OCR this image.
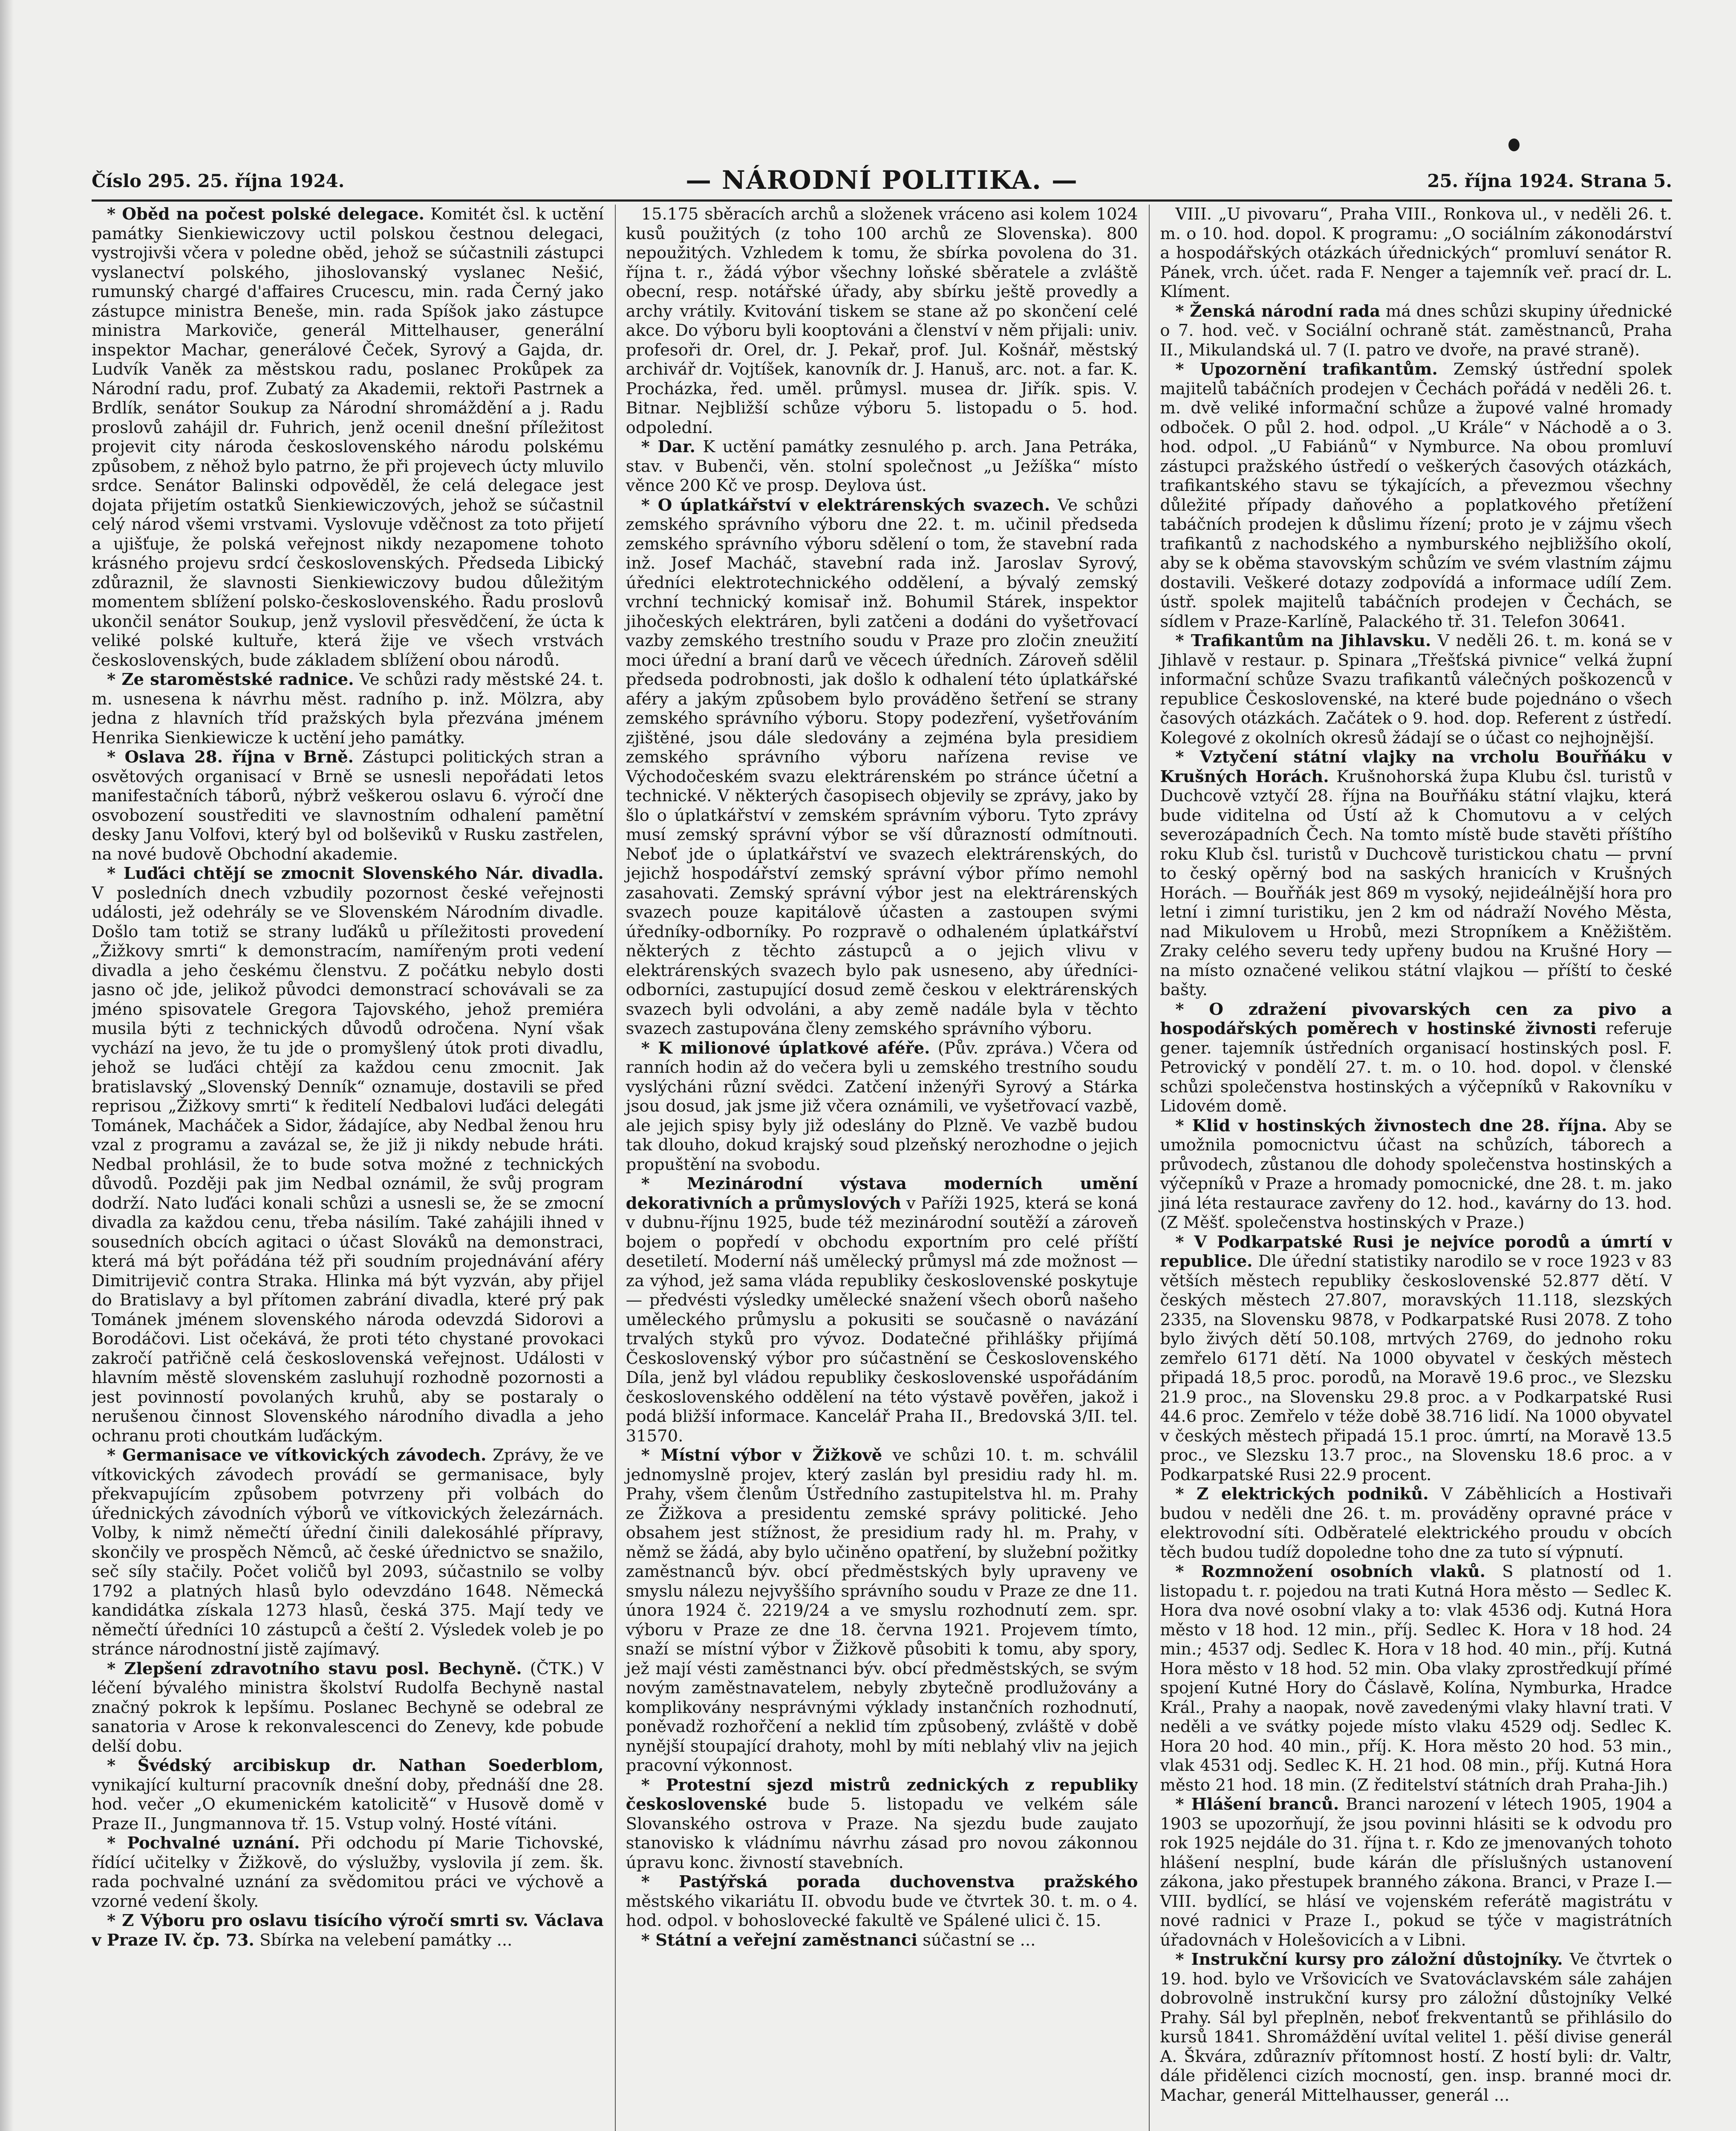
Číslo 295. 25. října 1924.	— NÁRODNÍ POLITIKA. —	25. října 1924. Strana 5.

* Oběd na počest polské delegace. Komitét čsl. k uctění památky Sienkiewiczovy uctil polskou čestnou delegaci, vystrojivši včera v poledne oběd, jehož se súčastnili zástupci vyslanectví polského, jihoslovanský vyslanec Nešić, rumunský chargé d'affaires Crucescu, min. rada Černý jako zástupce ministra Beneše, min. rada Spíšok jako zástupce ministra Markoviče, generál Mittelhauser, generální inspektor Machar, generálové Čeček, Syrový a Gajda, dr. Ludvík Vaněk za městskou radu, poslanec Prokůpek za Národní radu, prof. Zubatý za Akademii, rektoři Pastrnek a Brdlík, senátor Soukup za Národní shromáždění a j. Radu proslovů zahájil dr. Fuhrich, jenž ocenil dnešní příležitost projevit city národa československého národu polskému způsobem, z něhož bylo patrno, že při projevech úcty mluvilo srdce. Senátor Balinski odpověděl, že celá delegace jest dojata přijetím ostatků Sienkiewiczových, jehož se súčastnil celý národ všemi vrstvami. Vyslovuje vděčnost za toto přijetí a ujišťuje, že polská veřejnost nikdy nezapomene tohoto krásného projevu srdcí československých. Předseda Libický zdůraznil, že slavnosti Sienkiewiczovy budou důležitým momentem sblížení polsko-československého. Řadu proslovů ukončil senátor Soukup, jenž vyslovil přesvědčení, že úcta k veliké polské kultuře, která žije ve všech vrstvách československých, bude základem sblížení obou národů.

* Ze staroměstské radnice. Ve schůzi rady městské 24. t. m. usnesena k návrhu měst. radního p. inž. Mölzra, aby jedna z hlavních tříd pražských byla přezvána jménem Henrika Sienkiewicze k uctění jeho památky.

* Oslava 28. října v Brně. Zástupci politických stran a osvětových organisací v Brně se usnesli nepořádati letos manifestačních táborů, nýbrž veškerou oslavu 6. výročí dne osvobození soustřediti ve slavnostním odhalení pamětní desky Janu Volfovi, který byl od bolševiků v Rusku zastřelen, na nové budově Obchodní akademie.

* Luďáci chtějí se zmocnit Slovenského Nár. divadla. V posledních dnech vzbudily pozornost české veřejnosti události, jež odehrály se ve Slovenském Národním divadle. Došlo tam totiž se strany luďáků u příležitosti provedení „Žižkovy smrti“ k demonstracím, namířeným proti vedení divadla a jeho českému členstvu. Z počátku nebylo dosti jasno oč jde, jelikož původci demonstrací schovávali se za jméno spisovatele Gregora Tajovského, jehož premiéra musila býti z technických důvodů odročena. Nyní však vychází na jevo, že tu jde o promyšlený útok proti divadlu, jehož se luďáci chtějí za každou cenu zmocnit. Jak bratislavský „Slovenský Denník“ oznamuje, dostavili se před reprisou „Žižkovy smrti“ k ředitelí Nedbalovi luďáci delegáti Tománek, Macháček a Sidor, žádajíce, aby Nedbal ženou hru vzal z programu a zavázal se, že již ji nikdy nebude hráti. Nedbal prohlásil, že to bude sotva možné z technických důvodů. Později pak jim Nedbal oznámil, že svůj program dodrží. Nato luďáci konali schůzi a usnesli se, že se zmocní divadla za každou cenu, třeba násilím. Také zahájili ihned v sousedních obcích agitaci o účast Slováků na demonstraci, která má být pořádána též při soudním projednávání aféry Dimitrijevič contra Straka. Hlinka má být vyzván, aby přijel do Bratislavy a byl přítomen zabrání divadla, které prý pak Tománek jménem slovenského národa odevzdá Sidorovi a Borodáčovi. List očekává, že proti této chystané provokaci zakročí patřičně celá československá veřejnost. Události v hlavním městě slovenském zasluhují rozhodně pozornosti a jest povinností povolaných kruhů, aby se postaraly o nerušenou činnost Slovenského národního divadla a jeho ochranu proti choutkám luďáckým.

* Germanisace ve vítkovických závodech. Zprávy, že ve vítkovických závodech provádí se germanisace, byly překvapujícím způsobem potvrzeny při volbách do úřednických závodních výborů ve vítkovických železárnách. Volby, k nimž němečtí úřední činili dalekosáhlé přípravy, skončily ve prospěch Němců, ač české úřednictvo se snažilo, seč síly stačily. Počet voličů byl 2093, súčastnilo se volby 1792 a platných hlasů bylo odevzdáno 1648. Německá kandidátka získala 1273 hlasů, česká 375. Mají tedy ve němečtí úředníci 10 zástupců a čeští 2. Výsledek voleb je po stránce národnostní jistě zajímavý.

* Zlepšení zdravotního stavu posl. Bechyně. (ČTK.) V léčení bývalého ministra školství Rudolfa Bechyně nastal značný pokrok k lepšímu. Poslanec Bechyně se odebral ze sanatoria v Arose k rekonvalescenci do Zenevy, kde pobude delší dobu.

* Švédský arcibiskup dr. Nathan Soederblom, vynikající kulturní pracovník dnešní doby, přednáší dne 28. hod. večer „O ekumenickém katolicitě“ v Husově domě v Praze II., Jungmannova tř. 15. Vstup volný. Hosté vítáni.

* Pochvalné uznání. Při odchodu pí Marie Tichovské, řídící učitelky v Žižkově, do výslužby, vyslovila jí zem. šk. rada pochvalné uznání za svědomitou práci ve výchově a vzorné vedení školy.

* Z Výboru pro oslavu tisícího výročí smrti sv. Václava v Praze IV. čp. 73. Sbírka na velebení památky ...

15.175 sběracích archů a složenek vráceno asi kolem 1024 kusů použitých (z toho 100 archů ze Slovenska). 800 nepoužitých. Vzhledem k tomu, že sbírka povolena do 31. října t. r., žádá výbor všechny loňské sběratele a zvláště obecní, resp. notářské úřady, aby sbírku ještě provedly a archy vrátily. Kvitování tiskem se stane až po skončení celé akce. Do výboru byli kooptováni a členství v něm přijali: univ. profesoři dr. Orel, dr. J. Pekař, prof. Jul. Košnář, městský archivář dr. Vojtíšek, kanovník dr. J. Hanuš, arc. not. a far. K. Procházka, řed. uměl. průmysl. musea dr. Jiřík. spis. V. Bitnar. Nejbližší schůze výboru 5. listopadu o 5. hod. odpolední.

* Dar. K uctění památky zesnulého p. arch. Jana Petráka, stav. v Bubenči, věn. stolní společnost „u Ježíška“ místo věnce 200 Kč ve prosp. Deylova úst.

* O úplatkářství v elektrárenských svazech. Ve schůzi zemského správního výboru dne 22. t. m. učinil předseda zemského správního výboru sdělení o tom, že stavební rada inž. Josef Macháč, stavební rada inž. Jaroslav Syrový, úředníci elektrotechnického oddělení, a bývalý zemský vrchní technický komisař inž. Bohumil Stárek, inspektor jihočeských elektráren, byli zatčeni a dodáni do vyšetřovací vazby zemského trestního soudu v Praze pro zločin zneužití moci úřední a braní darů ve věcech úředních. Zároveň sdělil předseda podrobnosti, jak došlo k odhalení této úplatkářské aféry a jakým způsobem bylo prováděno šetření se strany zemského správního výboru. Stopy podezření, vyšetřováním zjištěné, jsou dále sledovány a zejména byla presidiem zemského správního výboru nařízena revise ve Východočeském svazu elektrárenském po stránce účetní a technické. V některých časopisech objevily se zprávy, jako by šlo o úplatkářství v zemském správním výboru. Tyto zprávy musí zemský správní výbor se vší důrazností odmítnouti. Neboť jde o úplatkářství ve svazech elektrárenských, do jejichž hospodářství zemský správní výbor přímo nemohl zasahovati. Zemský správní výbor jest na elektrárenských svazech pouze kapitálově účasten a zastoupen svými úředníky-odborníky. Po rozpravě o odhaleném úplatkářství některých z těchto zástupců a o jejich vlivu v elektrárenských svazech bylo pak usneseno, aby úředníci-odborníci, zastupující dosud země českou v elektrárenských svazech byli odvoláni, a aby země nadále byla v těchto svazech zastupována členy zemského správního výboru.

* K milionové úplatkové aféře. (Pův. zpráva.) Včera od ranních hodin až do večera byli u zemského trestního soudu vyslýcháni různí svědci. Zatčení inženýři Syrový a Stárka jsou dosud, jak jsme již včera oznámili, ve vyšetřovací vazbě, ale jejich spisy byly již odeslány do Plzně. Ve vazbě budou tak dlouho, dokud krajský soud plzeňský nerozhodne o jejich propuštění na svobodu.

* Mezinárodní výstava moderních umění dekorativních a průmyslových v Paříži 1925, která se koná v dubnu-říjnu 1925, bude též mezinárodní soutěží a zároveň bojem o popředí v obchodu exportním pro celé příští desetiletí. Moderní náš umělecký průmysl má zde možnost — za výhod, jež sama vláda republiky československé poskytuje — předvésti výsledky umělecké snažení všech oborů našeho uměleckého průmyslu a pokusiti se současně o navázání trvalých styků pro vývoz. Dodatečné přihlášky přijímá Československý výbor pro súčastnění se Československého Díla, jenž byl vládou republiky československé uspořádáním československého oddělení na této výstavě pověřen, jakož i podá bližší informace. Kancelář Praha II., Bredovská 3/II. tel. 31570.

* Místní výbor v Žižkově ve schůzi 10. t. m. schválil jednomyslně projev, který zaslán byl presidiu rady hl. m. Prahy, všem členům Ústředního zastupitelstva hl. m. Prahy ze Žižkova a presidentu zemské správy politické. Jeho obsahem jest stížnost, že presidium rady hl. m. Prahy, v němž se žádá, aby bylo učiněno opatření, by služební požitky zaměstnanců býv. obcí předměstských byly upraveny ve smyslu nálezu nejvyššího správního soudu v Praze ze dne 11. února 1924 č. 2219/24 a ve smyslu rozhodnutí zem. spr. výboru v Praze ze dne 18. června 1921. Projevem tímto, snaží se místní výbor v Žižkově působiti k tomu, aby spory, jež mají vésti zaměstnanci býv. obcí předměstských, se svým novým zaměstnavatelem, nebyly zbytečně prodlužovány a komplikovány nesprávnými výklady instančních rozhodnutí, poněvadž rozhořčení a neklid tím způsobený, zvláště v době nynější stoupající drahoty, mohl by míti neblahý vliv na jejich pracovní výkonnost.

* Protestní sjezd mistrů zednických z republiky československé bude 5. listopadu ve velkém sále Slovanského ostrova v Praze. Na sjezdu bude zaujato stanovisko k vládnímu návrhu zásad pro novou zákonnou úpravu konc. živností stavebních.

* Pastýřská porada duchovenstva pražského městského vikariátu II. obvodu bude ve čtvrtek 30. t. m. o 4. hod. odpol. v bohoslovecké fakultě ve Spálené ulici č. 15.

* Státní a veřejní zaměstnanci súčastní se ...

VIII. „U pivovaru“, Praha VIII., Ronkova ul., v neděli 26. t. m. o 10. hod. dopol. K programu: „O sociálním zákonodárství a hospodářských otázkách úřednických“ promluví senátor R. Pánek, vrch. účet. rada F. Nenger a tajemník veř. prací dr. L. Klíment.

* Ženská národní rada má dnes schůzi skupiny úřednické o 7. hod. več. v Sociální ochraně stát. zaměstnanců, Praha II., Mikulandská ul. 7 (I. patro ve dvoře, na pravé straně).

* Upozornění trafikantům. Zemský ústřední spolek majitelů tabáčních prodejen v Čechách pořádá v neděli 26. t. m. dvě veliké informační schůze a župové valné hromady odboček. O půl 2. hod. odpol. „U Krále“ v Náchodě a o 3. hod. odpol. „U Fabiánů“ v Nymburce. Na obou promluví zástupci pražského ústředí o veškerých časových otázkách, trafikantského stavu se týkajících, a převezmou všechny důležité případy daňového a poplatkového přetížení tabáčních prodejen k důslimu řízení; proto je v zájmu všech trafikantů z nachodského a nymburského nejbližšího okolí, aby se k oběma stavovským schůzím ve svém vlastním zájmu dostavili. Veškeré dotazy zodpovídá a informace udílí Zem. ústř. spolek majitelů tabáčních prodejen v Čechách, se sídlem v Praze-Karlíně, Palackého tř. 31. Telefon 30641.

* Trafikantům na Jihlavsku. V neděli 26. t. m. koná se v Jihlavě v restaur. p. Spinara „Třešťská pivnice“ velká župní informační schůze Svazu trafikantů válečných poškozenců v republice Československé, na které bude pojednáno o všech časových otázkách. Začátek o 9. hod. dop. Referent z ústředí. Kolegové z okolních okresů žádají se o účast co nejhojnější.

* Vztyčení státní vlajky na vrcholu Bouřňáku v Krušných Horách. Krušnohorská župa Klubu čsl. turistů v Duchcově vztyčí 28. října na Bouřňáku státní vlajku, která bude viditelna od Ústí až k Chomutovu a v celých severozápadních Čech. Na tomto místě bude stavěti příštího roku Klub čsl. turistů v Duchcově turistickou chatu — první to český opěrný bod na saských hranicích v Krušných Horách. — Bouřňák jest 869 m vysoký, nejideálnější hora pro letní i zimní turistiku, jen 2 km od nádraží Nového Města, nad Mikulovem u Hrobů, mezi Stropníkem a Kněžištěm. Zraky celého severu tedy upřeny budou na Krušné Hory — na místo označené velikou státní vlajkou — příští to české bašty.

* O zdražení pivovarských cen za pivo a hospodářských poměrech v hostinské živnosti referuje gener. tajemník ústředních organisací hostinských posl. F. Petrovický v pondělí 27. t. m. o 10. hod. dopol. v členské schůzi společenstva hostinských a výčepníků v Rakovníku v Lidovém domě.

* Klid v hostinských živnostech dne 28. října. Aby se umožnila pomocnictvu účast na schůzích, táborech a průvodech, zůstanou dle dohody společenstva hostinských a výčepníků v Praze a hromady pomocnické, dne 28. t. m. jako jiná léta restaurace zavřeny do 12. hod., kavárny do 13. hod. (Z Měšť. společenstva hostinských v Praze.)

* V Podkarpatské Rusi je nejvíce porodů a úmrtí v republice. Dle úřední statistiky narodilo se v roce 1923 v 83 větších městech republiky československé 52.877 dětí. V českých městech 27.807, moravských 11.118, slezských 2335, na Slovensku 9878, v Podkarpatské Rusi 2078. Z toho bylo živých dětí 50.108, mrtvých 2769, do jednoho roku zemřelo 6171 dětí. Na 1000 obyvatel v českých městech připadá 18,5 proc. porodů, na Moravě 19.6 proc., ve Slezsku 21.9 proc., na Slovensku 29.8 proc. a v Podkarpatské Rusi 44.6 proc. Zemřelo v téže době 38.716 lidí. Na 1000 obyvatel v českých městech připadá 15.1 proc. úmrtí, na Moravě 13.5 proc., ve Slezsku 13.7 proc., na Slovensku 18.6 proc. a v Podkarpatské Rusi 22.9 procent.

* Z elektrických podniků. V Záběhlicích a Hostivaři budou v neděli dne 26. t. m. prováděny opravné práce v elektrovodní síti. Odběratelé elektrického proudu v obcích těch budou tudíž dopoledne toho dne za tuto sí výpnutí.

* Rozmnožení osobních vlaků. S platností od 1. listopadu t. r. pojedou na trati Kutná Hora město — Sedlec K. Hora dva nové osobní vlaky a to: vlak 4536 odj. Kutná Hora město v 18 hod. 12 min., příj. Sedlec K. Hora v 18 hod. 24 min.; 4537 odj. Sedlec K. Hora v 18 hod. 40 min., příj. Kutná Hora město v 18 hod. 52 min. Oba vlaky zprostředkují přímé spojení Kutné Hory do Čáslavě, Kolína, Nymburka, Hradce Král., Prahy a naopak, nově zavedenými vlaky hlavní trati. V neděli a ve svátky pojede místo vlaku 4529 odj. Sedlec K. Hora 20 hod. 40 min., příj. K. Hora město 20 hod. 53 min., vlak 4531 odj. Sedlec K. H. 21 hod. 08 min., příj. Kutná Hora město 21 hod. 18 min. (Z ředitelství státních drah Praha-Jih.)

* Hlášení branců. Branci narození v létech 1905, 1904 a 1903 se upozorňují, že jsou povinni hlásiti se k odvodu pro rok 1925 nejdále do 31. října t. r. Kdo ze jmenovaných tohoto hlášení nesplní, bude kárán dle příslušných ustanovení zákona, jako přestupek branného zákona. Branci, v Praze I.—VIII. bydlící, se hlásí ve vojenském referátě magistrátu v nové radnici v Praze I., pokud se týče v magistrátních úřadovnách v Holešovicích a v Libni.

* Instrukční kursy pro záložní důstojníky. Ve čtvrtek o 19. hod. bylo ve Vršovicích ve Svatováclavském sále zahájen dobrovolně instrukční kursy pro záložní důstojníky Velké Prahy. Sál byl přeplněn, neboť frekventantů se přihlásilo do kursů 1841. Shromáždění uvítal velitel 1. pěší divise generál A. Škvára, zdůraznív přítomnost hostí. Z hostí byli: dr. Valtr, dále přidělenci cizích mocností, gen. insp. branné moci dr. Machar, generál Mittelhausser, generál ...
